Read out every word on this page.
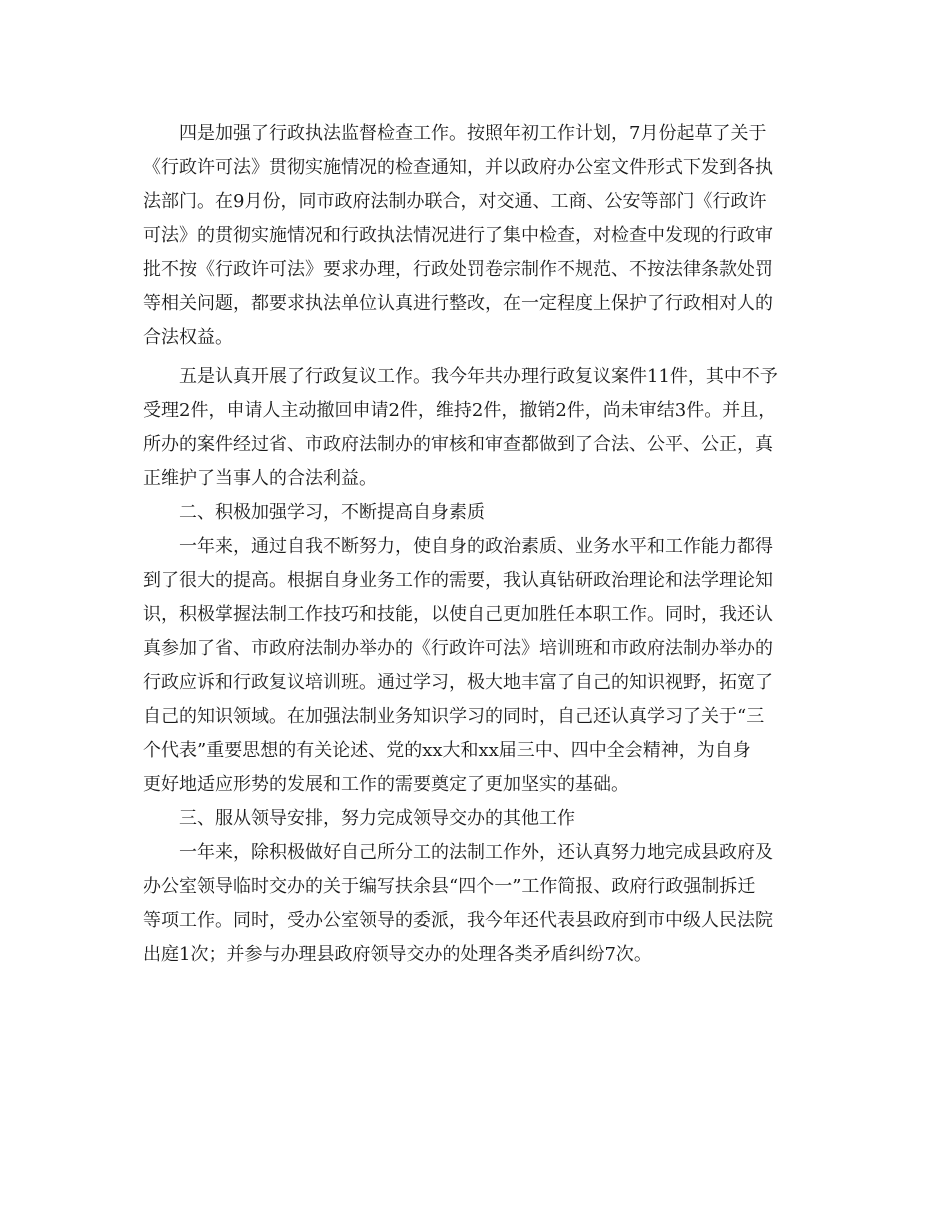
四是加强了行政执法监督检查工作。按照年初工作计划，7月份起草了关于
《行政许可法》贯彻实施情况的检查通知，并以政府办公室文件形式下发到各执
法部门。在9月份，同市政府法制办联合，对交通、工商、公安等部门《行政许
可法》的贯彻实施情况和行政执法情况进行了集中检查，对检查中发现的行政审
批不按《行政许可法》要求办理，行政处罚卷宗制作不规范、不按法律条款处罚
等相关问题，都要求执法单位认真进行整改，在一定程度上保护了行政相对人的
合法权益。
五是认真开展了行政复议工作。我今年共办理行政复议案件11件，其中不予
受理2件，申请人主动撤回申请2件，维持2件，撤销2件，尚未审结3件。并且，
所办的案件经过省、市政府法制办的审核和审查都做到了合法、公平、公正，真
正维护了当事人的合法利益。
二、积极加强学习，不断提高自身素质
一年来，通过自我不断努力，使自身的政治素质、业务水平和工作能力都得
到了很大的提高。根据自身业务工作的需要，我认真钻研政治理论和法学理论知
识，积极掌握法制工作技巧和技能，以使自己更加胜任本职工作。同时，我还认
真参加了省、市政府法制办举办的《行政许可法》培训班和市政府法制办举办的
行政应诉和行政复议培训班。通过学习，极大地丰富了自己的知识视野，拓宽了
自己的知识领域。在加强法制业务知识学习的同时，自己还认真学习了关于“三
个代表”重要思想的有关论述、党的xx大和xx届三中、四中全会精神，为自身
更好地适应形势的发展和工作的需要奠定了更加坚实的基础。
三、服从领导安排，努力完成领导交办的其他工作
一年来，除积极做好自己所分工的法制工作外，还认真努力地完成县政府及
办公室领导临时交办的关于编写扶余县“四个一”工作简报、政府行政强制拆迁
等项工作。同时，受办公室领导的委派，我今年还代表县政府到市中级人民法院
出庭1次；并参与办理县政府领导交办的处理各类矛盾纠纷7次。
